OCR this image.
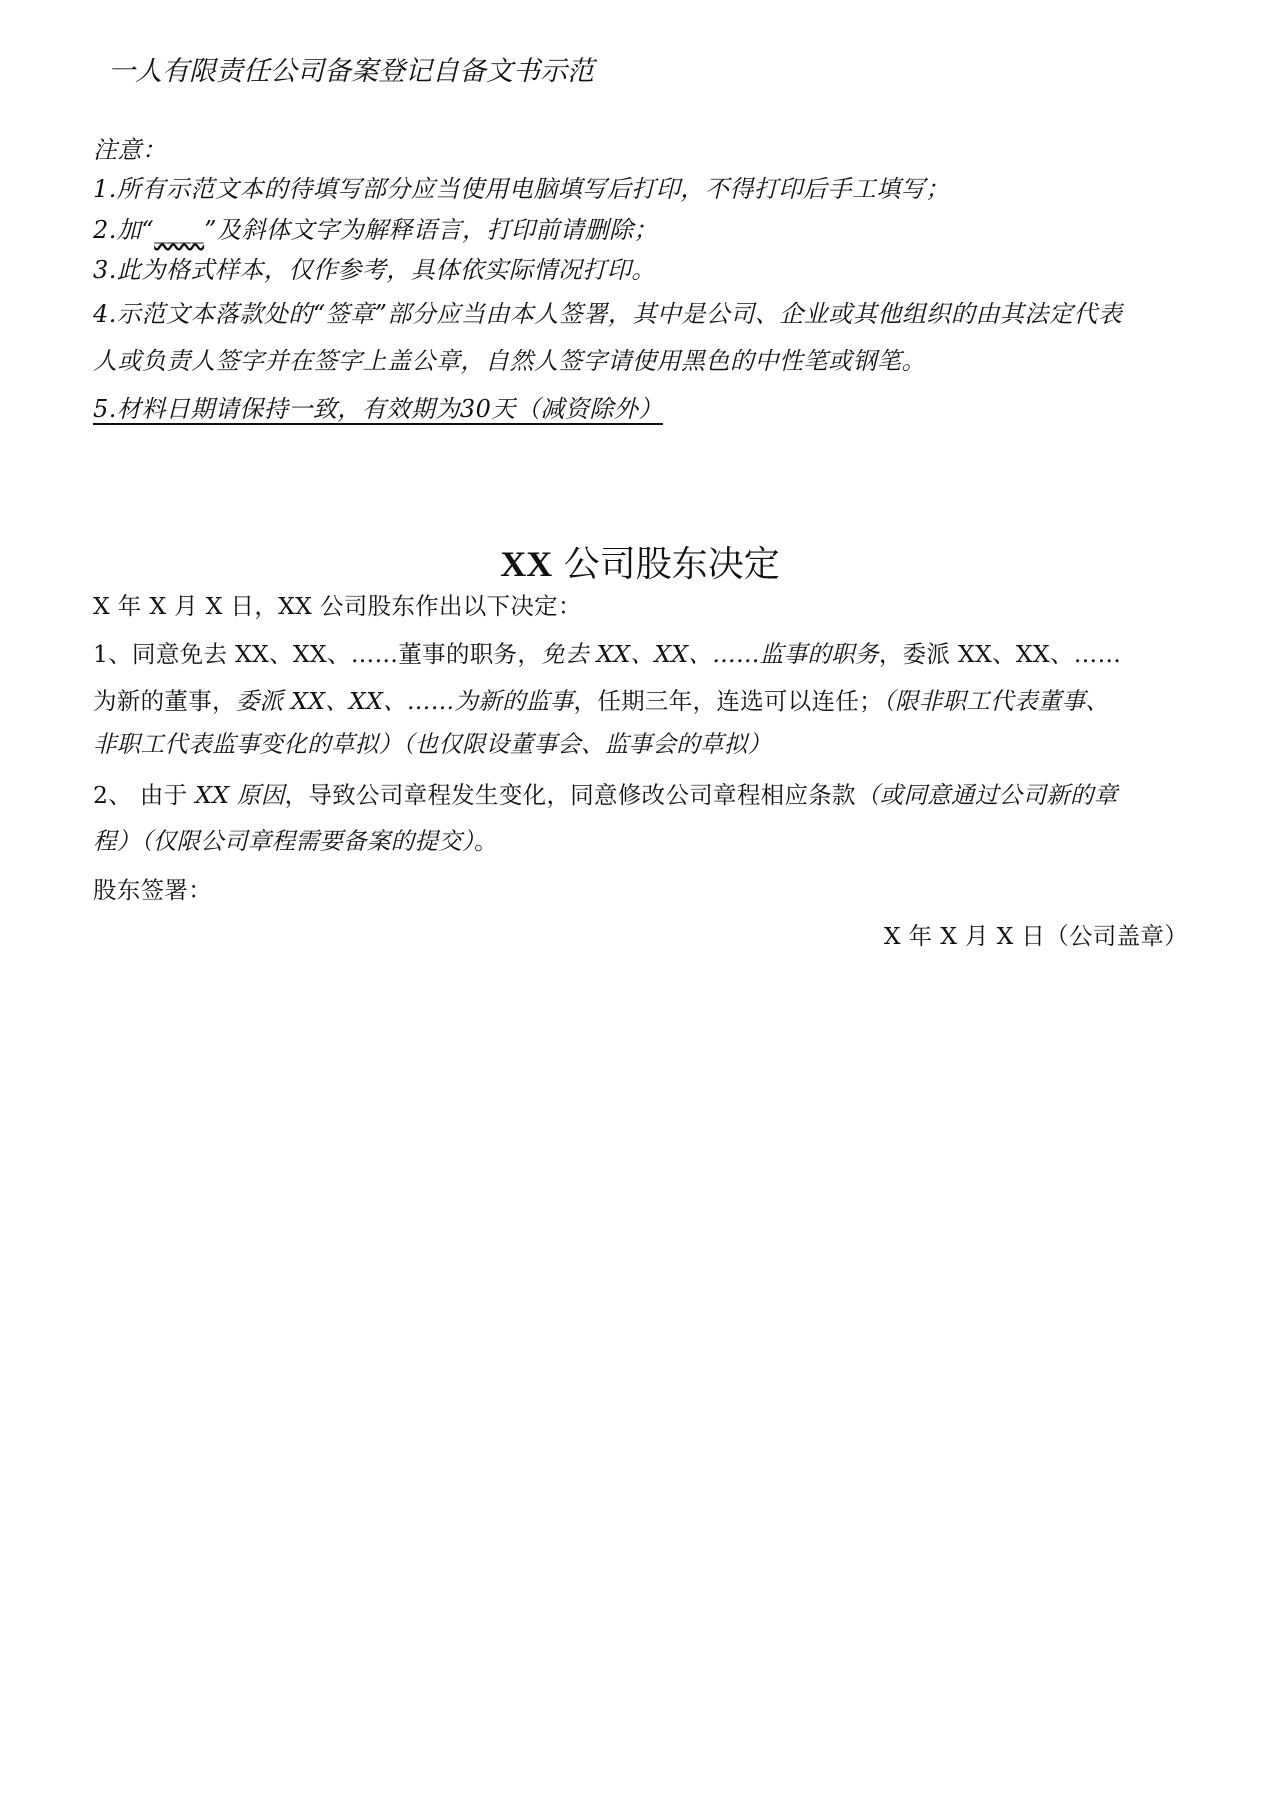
一人有限责任公司备案登记自备文书示范
注意：
1.所有示范文本的待填写部分应当使用电脑填写后打印，不得打印后手工填写；
2.加“____”及斜体文字为解释语言，打印前请删除；
3.此为格式样本，仅作参考，具体依实际情况打印。
4.示范文本落款处的“签章”部分应当由本人签署，其中是公司、企业或其他组织的由其法定代表
人或负责人签字并在签字上盖公章，自然人签字请使用黑色的中性笔或钢笔。
5.材料日期请保持一致，有效期为30天（减资除外）
XX 公司股东决定
X 年 X 月 X 日，XX 公司股东作出以下决定：
1、同意免去 XX、XX、……董事的职务，免去 XX、XX、……监事的职务，委派 XX、XX、……
为新的董事，委派 XX、XX、……为新的监事，任期三年，连选可以连任；（限非职工代表董事、
非职工代表监事变化的草拟）（也仅限设董事会、监事会的草拟）
2、 由于 XX 原因，导致公司章程发生变化，同意修改公司章程相应条款（或同意通过公司新的章
程）（仅限公司章程需要备案的提交）。
股东签署：
X 年 X 月 X 日（公司盖章）
